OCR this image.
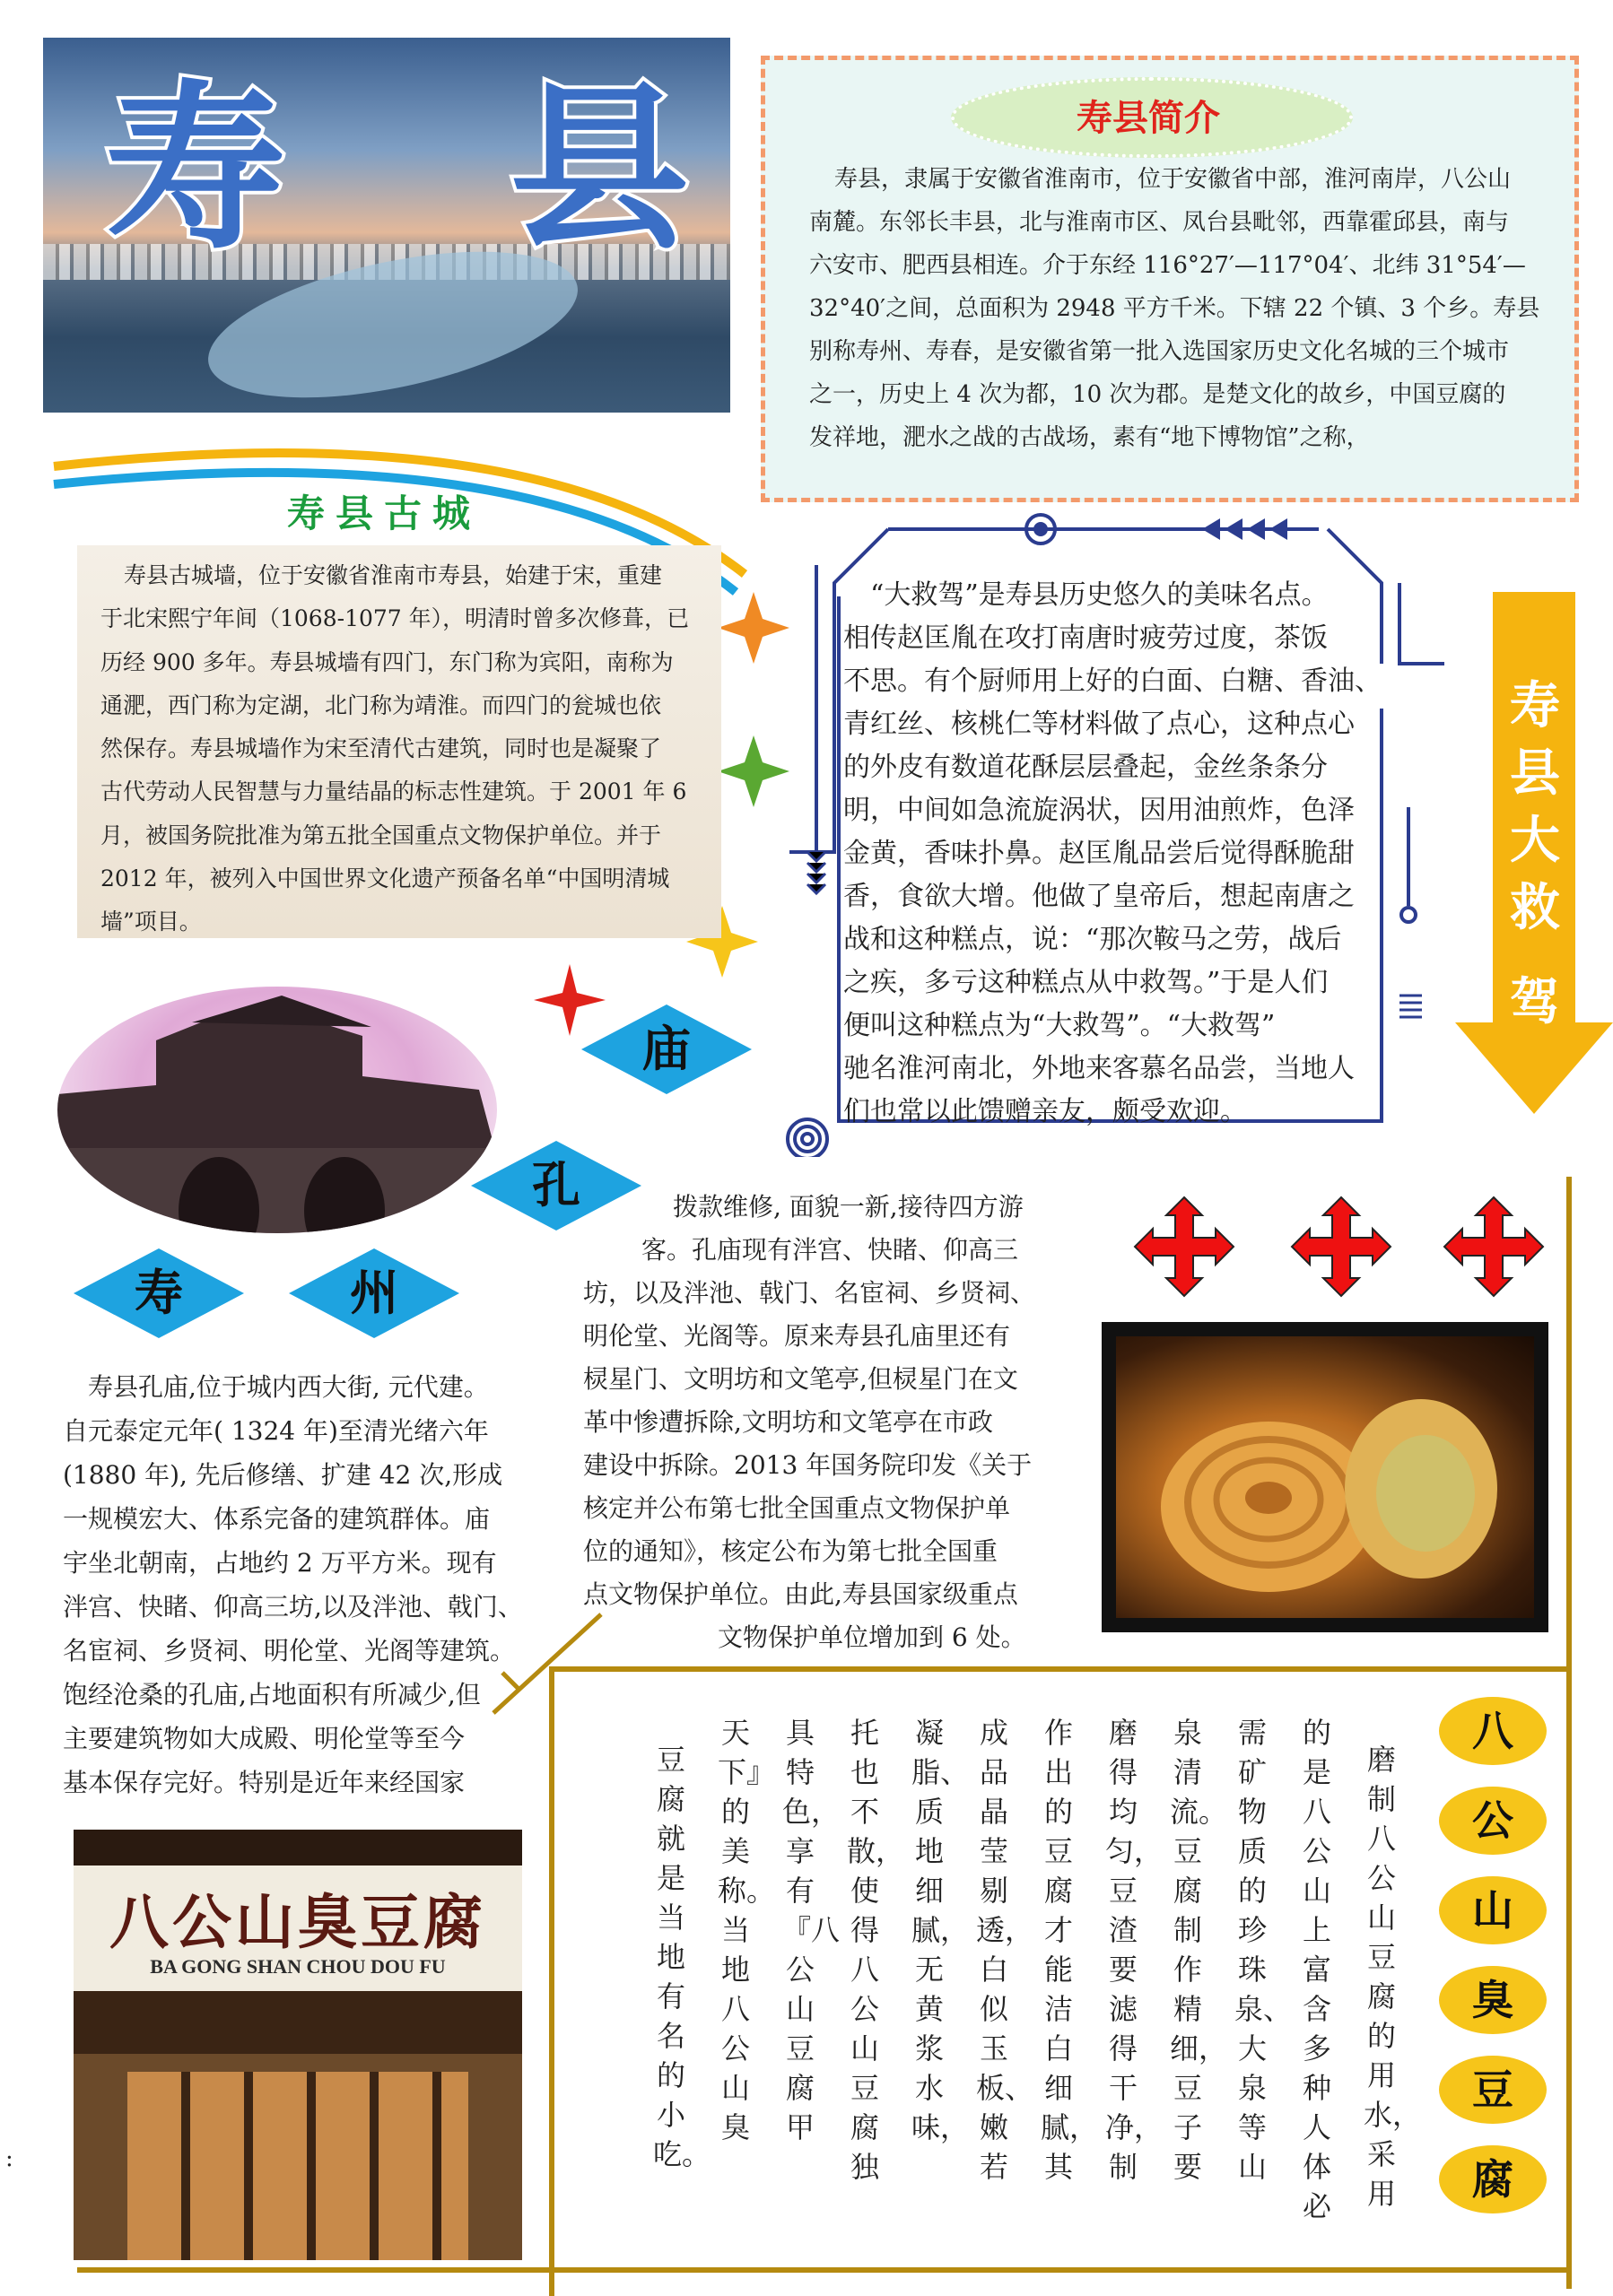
寿 县	寿县简介
寿县，隶属于安徽省淮南市，位于安徽省中部，淮河南岸，八公山
南麓。东邻长丰县，北与淮南市区、凤台县毗邻，西靠霍邱县，南与
六安市、肥西县相连。介于东经 116°27′—117°04′、北纬 31°54′—
32°40′之间，总面积为 2948 平方千米。下辖 22 个镇、3 个乡。寿县
别称寿州、寿春，是安徽省第一批入选国家历史文化名城的三个城市
之一，历史上 4 次为都，10 次为郡。是楚文化的故乡，中国豆腐的
发祥地，淝水之战的古战场，素有“地下博物馆”之称，
寿县古城
寿县古城墙，位于安徽省淮南市寿县，始建于宋，重建
于北宋熙宁年间（1068-1077 年），明清时曾多次修葺，已
历经 900 多年。寿县城墙有四门，东门称为宾阳，南称为
通淝，西门称为定湖，北门称为靖淮。而四门的瓮城也依
然保存。寿县城墙作为宋至清代古建筑，同时也是凝聚了
古代劳动人民智慧与力量结晶的标志性建筑。于 2001 年 6
月，被国务院批准为第五批全国重点文物保护单位。并于
2012 年，被列入中国世界文化遗产预备名单“中国明清城
墙”项目。
“大救驾”是寿县历史悠久的美味名点。
相传赵匡胤在攻打南唐时疲劳过度，茶饭
不思。有个厨师用上好的白面、白糖、香油、
青红丝、核桃仁等材料做了点心，这种点心
的外皮有数道花酥层层叠起，金丝条条分
明，中间如急流旋涡状，因用油煎炸，色泽
金黄，香味扑鼻。赵匡胤品尝后觉得酥脆甜
香，食欲大增。他做了皇帝后，想起南唐之
战和这种糕点，说：“那次鞍马之劳，战后
之疾，多亏这种糕点从中救驾。”于是人们
便叫这种糕点为“大救驾”。“大救驾”
驰名淮河南北，外地来客慕名品尝，当地人
们也常以此馈赠亲友，颇受欢迎。
寿
县
大
救
驾
庙
孔
寿	州
寿县孔庙,位于城内西大街, 元代建。
自元泰定元年( 1324 年)至清光绪六年
(1880 年), 先后修缮、扩建 42 次,形成
一规模宏大、体系完备的建筑群体。庙
宇坐北朝南，占地约 2 万平方米。现有
泮宫、快睹、仰高三坊,以及泮池、戟门、
名宦祠、乡贤祠、明伦堂、光阁等建筑。
饱经沧桑的孔庙,占地面积有所减少,但
主要建筑物如大成殿、明伦堂等至今
基本保存完好。特别是近年来经国家
拨款维修, 面貌一新,接待四方游
客。孔庙现有泮宫、快睹、仰高三
坊，以及泮池、戟门、名宦祠、乡贤祠、
明伦堂、光阁等。原来寿县孔庙里还有
棂星门、文明坊和文笔亭,但棂星门在文
革中惨遭拆除,文明坊和文笔亭在市政
建设中拆除。2013 年国务院印发《关于
核定并公布第七批全国重点文物保护单
位的通知》，核定公布为第七批全国重
点文物保护单位。由此,寿县国家级重点
文物保护单位增加到 6 处。
磨制八公山豆腐的用水，采用
的是八公山上富含多种人体必
需矿物质的珍珠泉、大泉等山
泉清流。豆腐制作精细，豆子要
磨得均匀，豆渣要滤得干净，制
作出的豆腐才能洁白细腻，其
成品晶莹剔透，白似玉板、嫩若
凝脂、质地细腻，无黄浆水味，
托也不散，使得八公山豆腐独
具特色，享有『八公山豆腐甲
天下』的美称。当地八公山臭
豆腐就是当地有名的小吃。
八
公
山
臭
豆
腐
八公山臭豆腐
BA GONG SHAN CHOU DOU FU
:
